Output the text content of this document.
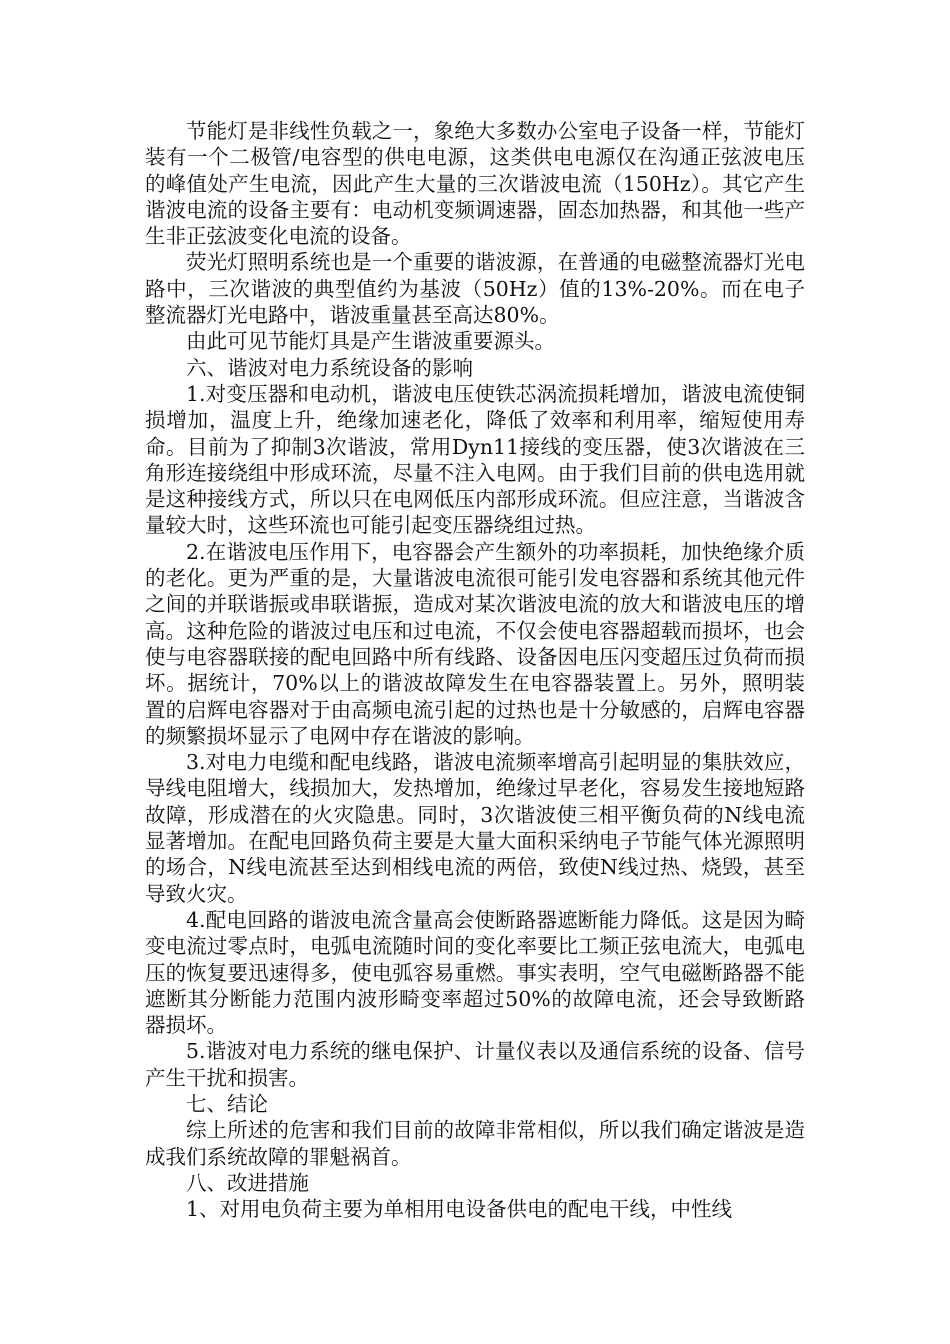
节能灯是非线性负载之一，象绝大多数办公室电子设备一样，节能灯装有一个二极管/电容型的供电电源，这类供电电源仅在沟通正弦波电压的峰值处产生电流，因此产生大量的三次谐波电流（150Hz）。其它产生谐波电流的设备主要有：电动机变频调速器，固态加热器，和其他一些产生非正弦波变化电流的设备。

荧光灯照明系统也是一个重要的谐波源，在普通的电磁整流器灯光电路中，三次谐波的典型值约为基波（50Hz）值的13%-20%。而在电子整流器灯光电路中，谐波重量甚至高达80%。

由此可见节能灯具是产生谐波重要源头。

六、谐波对电力系统设备的影响

1.对变压器和电动机，谐波电压使铁芯涡流损耗增加，谐波电流使铜损增加，温度上升，绝缘加速老化，降低了效率和利用率，缩短使用寿命。目前为了抑制3次谐波，常用Dyn11接线的变压器，使3次谐波在三角形连接绕组中形成环流，尽量不注入电网。由于我们目前的供电选用就是这种接线方式，所以只在电网低压内部形成环流。但应注意，当谐波含量较大时，这些环流也可能引起变压器绕组过热。

2.在谐波电压作用下，电容器会产生额外的功率损耗，加快绝缘介质的老化。更为严重的是，大量谐波电流很可能引发电容器和系统其他元件之间的并联谐振或串联谐振，造成对某次谐波电流的放大和谐波电压的增高。这种危险的谐波过电压和过电流，不仅会使电容器超载而损坏，也会使与电容器联接的配电回路中所有线路、设备因电压闪变超压过负荷而损坏。据统计，70%以上的谐波故障发生在电容器装置上。另外，照明装置的启辉电容器对于由高频电流引起的过热也是十分敏感的，启辉电容器的频繁损坏显示了电网中存在谐波的影响。

3.对电力电缆和配电线路，谐波电流频率增高引起明显的集肤效应，导线电阻增大，线损加大，发热增加，绝缘过早老化，容易发生接地短路故障，形成潜在的火灾隐患。同时，3次谐波使三相平衡负荷的N线电流显著增加。在配电回路负荷主要是大量大面积采纳电子节能气体光源照明的场合，N线电流甚至达到相线电流的两倍，致使N线过热、烧毁，甚至导致火灾。

4.配电回路的谐波电流含量高会使断路器遮断能力降低。这是因为畸变电流过零点时，电弧电流随时间的变化率要比工频正弦电流大，电弧电压的恢复要迅速得多，使电弧容易重燃。事实表明，空气电磁断路器不能遮断其分断能力范围内波形畸变率超过50%的故障电流，还会导致断路器损坏。

5.谐波对电力系统的继电保护、计量仪表以及通信系统的设备、信号产生干扰和损害。

七、结论

综上所述的危害和我们目前的故障非常相似，所以我们确定谐波是造成我们系统故障的罪魁祸首。

八、改进措施

1、对用电负荷主要为单相用电设备供电的配电干线，中性线
